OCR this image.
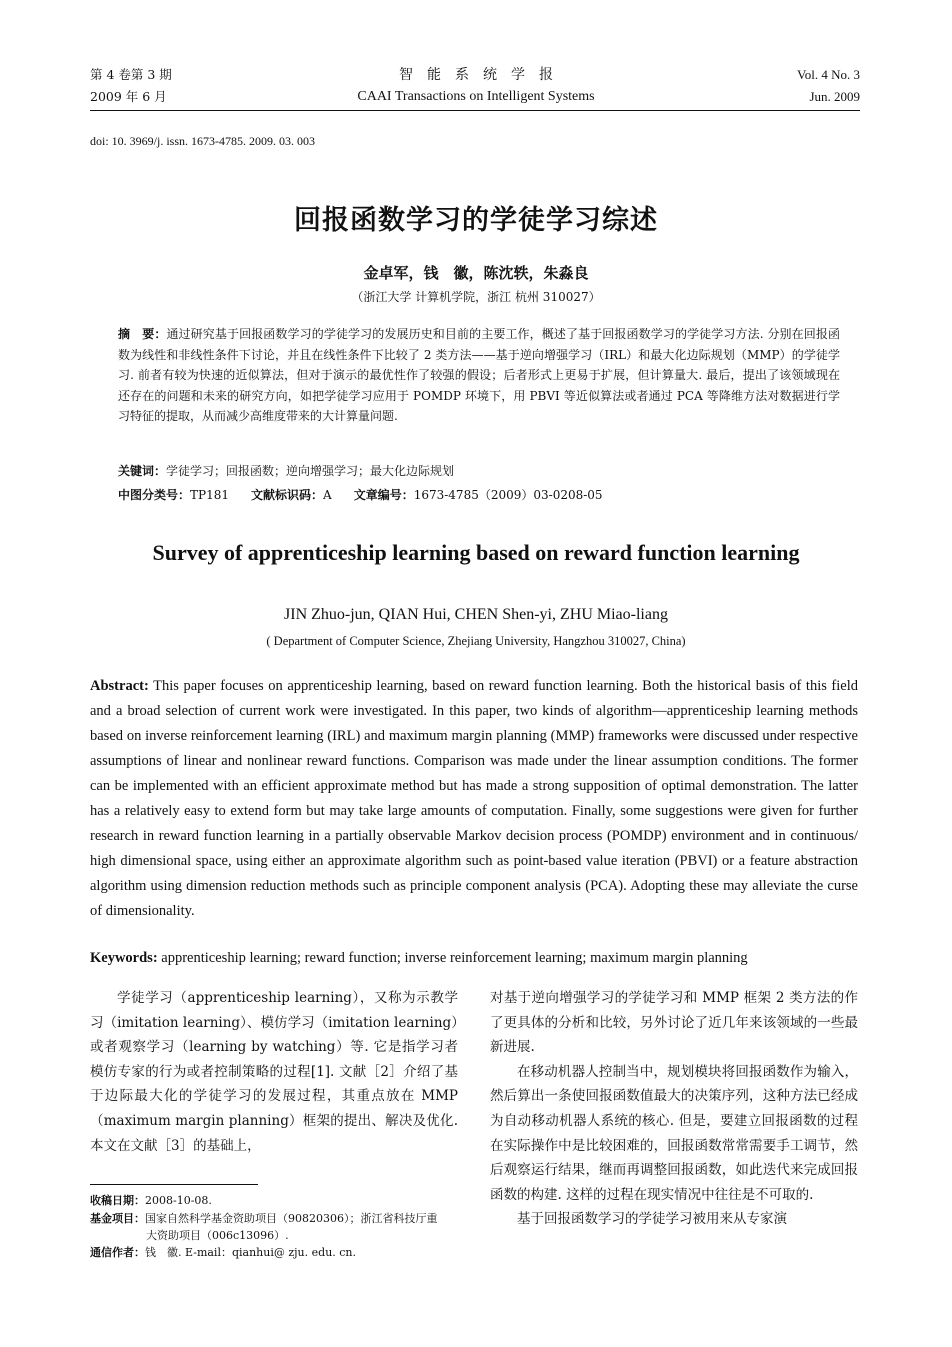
第 4 卷第 3 期
2009 年 6 月
智能系统学报
CAAI Transactions on Intelligent Systems
Vol. 4 No. 3
Jun. 2009
doi: 10. 3969/j. issn. 1673-4785. 2009. 03. 003
回报函数学习的学徒学习综述
金卓军，钱　徽，陈沈轶，朱淼良
（浙江大学 计算机学院，浙江 杭州 310027）
摘　要：通过研究基于回报函数学习的学徒学习的发展历史和目前的主要工作，概述了基于回报函数学习的学徒学习方法. 分别在回报函数为线性和非线性条件下讨论，并且在线性条件下比较了 2 类方法——基于逆向增强学习（IRL）和最大化边际规划（MMP）的学徒学习. 前者有较为快速的近似算法，但对于演示的最优性作了较强的假设；后者形式上更易于扩展，但计算量大. 最后，提出了该领域现在还存在的问题和未来的研究方向，如把学徒学习应用于 POMDP 环境下，用 PBVI 等近似算法或者通过 PCA 等降维方法对数据进行学习特征的提取，从而减少高维度带来的大计算量问题.
关键词：学徒学习；回报函数；逆向增强学习；最大化边际规划
中图分类号：TP181 文献标识码：A 文章编号：1673-4785（2009）03-0208-05
Survey of apprenticeship learning based on reward function learning
JIN Zhuo-jun, QIAN Hui, CHEN Shen-yi, ZHU Miao-liang
( Department of Computer Science, Zhejiang University, Hangzhou 310027, China)
Abstract: This paper focuses on apprenticeship learning, based on reward function learning. Both the historical basis of this field and a broad selection of current work were investigated. In this paper, two kinds of algorithm—apprenticeship learning methods based on inverse reinforcement learning (IRL) and maximum margin planning (MMP) frameworks were discussed under respective assumptions of linear and nonlinear reward functions. Comparison was made under the linear assumption conditions. The former can be implemented with an efficient approximate method but has made a strong supposition of optimal demonstration. The latter has a relatively easy to extend form but may take large amounts of computation. Finally, some suggestions were given for further research in reward function learning in a partially observable Markov decision process (POMDP) environment and in continuous/ high dimensional space, using either an approximate algorithm such as point-based value iteration (PBVI) or a feature abstraction algorithm using dimension reduction methods such as principle component analysis (PCA). Adopting these may alleviate the curse of dimensionality.
Keywords: apprenticeship learning; reward function; inverse reinforcement learning; maximum margin planning

学徒学习（apprenticeship learning），又称为示教学习（imitation learning）、模仿学习（imitation learning）或者观察学习（learning by watching）等. 它是指学习者模仿专家的行为或者控制策略的过程[1]. 文献［2］介绍了基于边际最大化的学徒学习的发展过程，其重点放在 MMP（maximum margin planning）框架的提出、解决及优化. 本文在文献［3］的基础上，

对基于逆向增强学习的学徒学习和 MMP 框架 2 类方法的作了更具体的分析和比较，另外讨论了近几年来该领域的一些最新进展.

在移动机器人控制当中，规划模块将回报函数作为输入，然后算出一条使回报函数值最大的决策序列，这种方法已经成为自动移动机器人系统的核心. 但是，要建立回报函数的过程在实际操作中是比较困难的，回报函数常常需要手工调节，然后观察运行结果，继而再调整回报函数，如此迭代来完成回报函数的构建. 这样的过程在现实情况中往往是不可取的.

基于回报函数学习的学徒学习被用来从专家演

收稿日期：2008-10-08.
基金项目：国家自然科学基金资助项目（90820306）；浙江省科技厅重
大资助项目（006c13096）.
通信作者：钱　徽. E-mail：qianhui@ zju. edu. cn.
